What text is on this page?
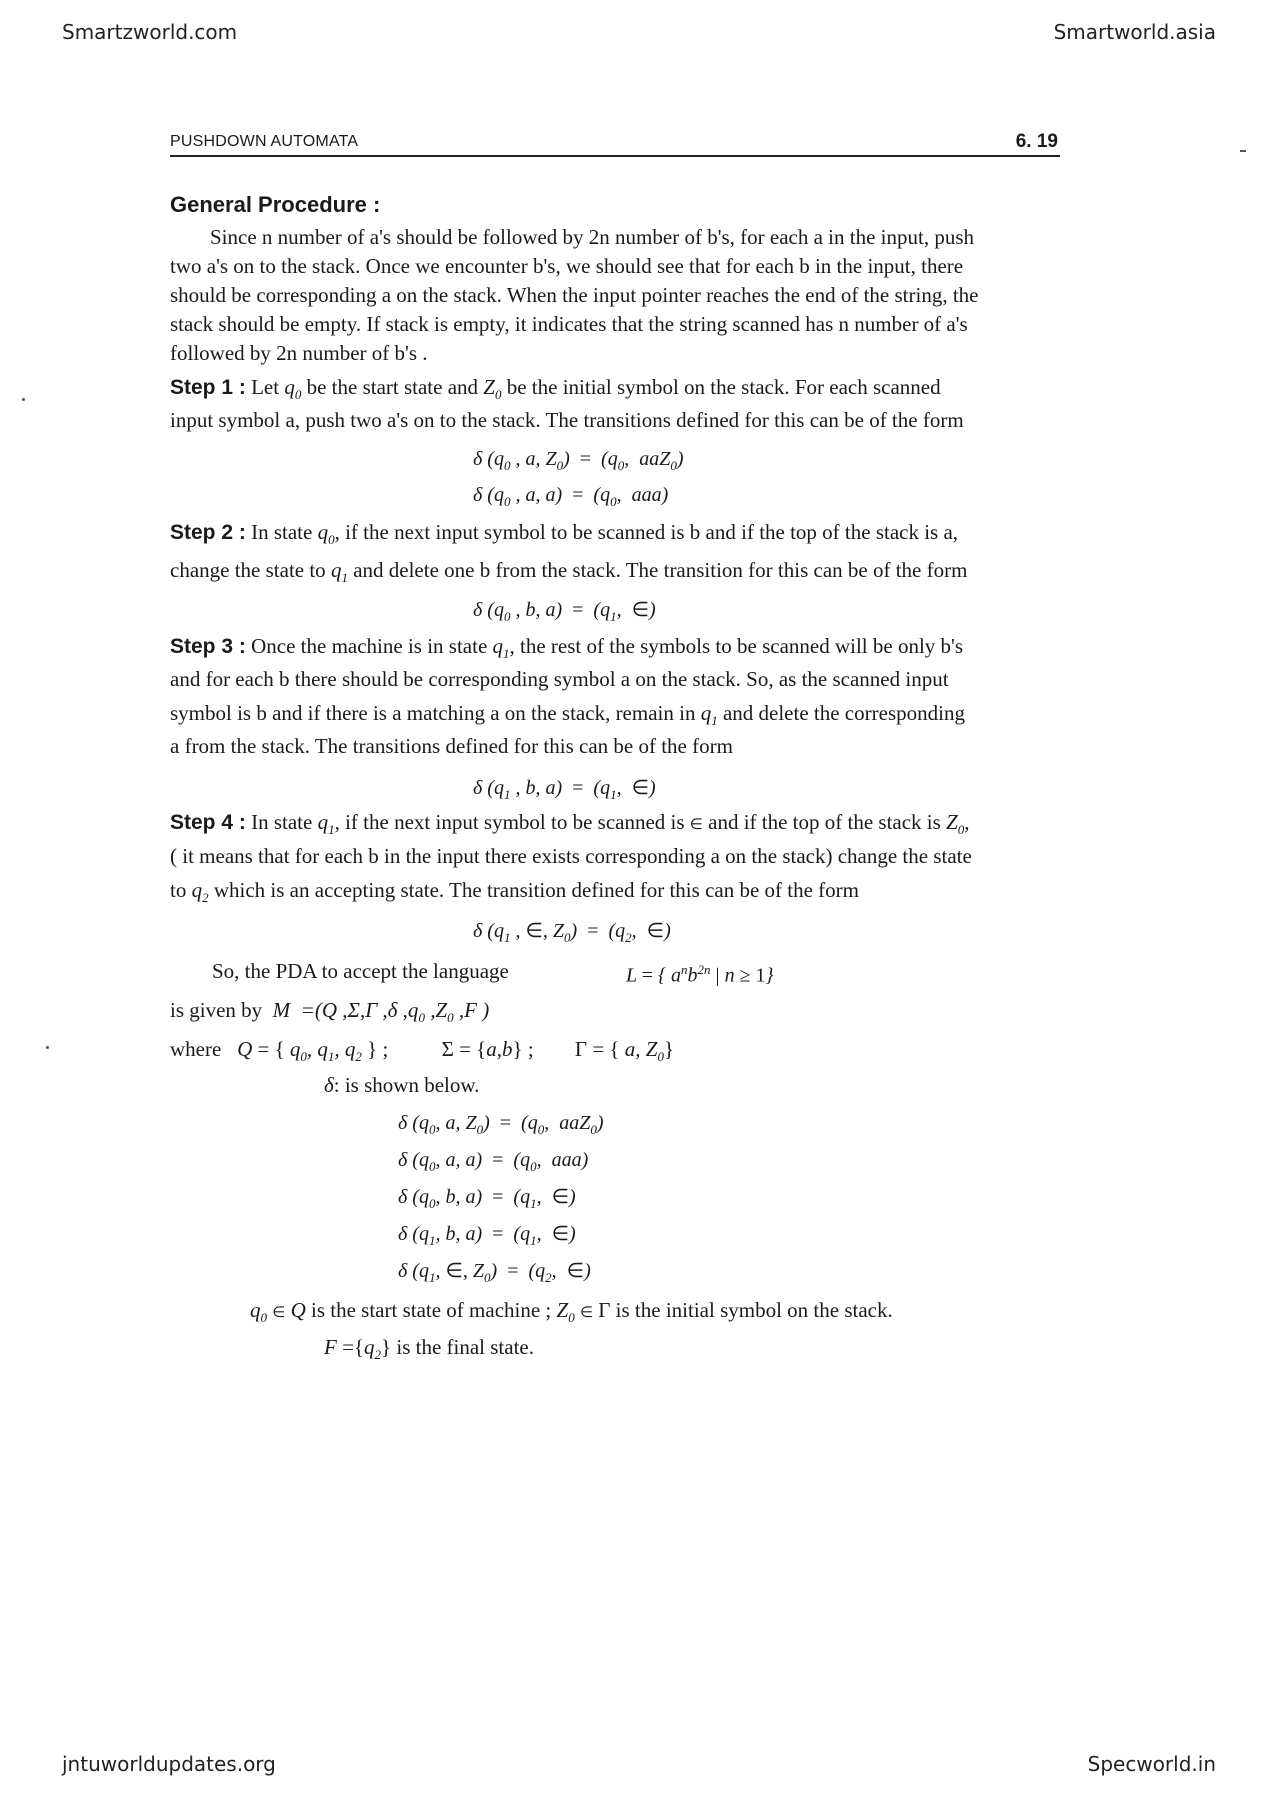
Smartzworld.com	Smartworld.asia
jntuworldupdates.org	Specworld.in
PUSHDOWN AUTOMATA	6. 19
General Procedure :
Since n number of a's should be followed by 2n number of b's, for each a in the input, push
two a's on to the stack. Once we encounter b's, we should see that for each b in the input, there
should be corresponding a on the stack. When the input pointer reaches the end of the string, the
stack should be empty. If stack is empty, it indicates that the string scanned has n number of a's
followed by 2n number of b's .
Step 1 : Let $q_0$ be the start state and $Z_0$ be the initial symbol on the stack. For each scanned
input symbol a, push two a's on to the stack. The transitions defined for this can be of the form
δ ($q_0$ , a, $Z_0) = (q_0$,  aaZ$_0$)
δ ($q_0$ , a, $a) = (q_0$,  aaa)
Step 2 : In state $q_0$, if the next input symbol to be scanned is b and if the top of the stack is a,
change the state to $q_1$ and delete one b from the stack. The transition for this can be of the form
δ ($q_0$ , b, $a) = (q_1$,  ∈)
Step 3 : Once the machine is in state $q_1$, the rest of the symbols to be scanned will be only b's
and for each b there should be corresponding symbol a on the stack. So, as the scanned input
symbol is b and if there is a matching a on the stack, remain in $q_1$ and delete the corresponding
a from the stack. The transitions defined for this can be of the form
δ ($q_1$ , b, $a) = (q_1$,  ∈)
Step 4 : In state $q_1$, if the next input symbol to be scanned is ∈ and if the top of the stack is $Z_0$,
( it means that for each b in the input there exists corresponding a on the stack) change the state
to $q_2$ which is an accepting state. The transition defined for this can be of the form
δ ($q_1$ , ∈, $Z_0) = (q_2$,  ∈)
So, the PDA to accept the language	L = { $a^nb^{2n}$ | n ≥ 1}
is given by  M  =(Q ,Σ,Γ ,δ $,q_0$ $,Z_0$ ,F )
where   Q = { $q_0$, $q_1$, $q_2$ } ; Σ = {a,b} ; Γ = { a, $Z_0$}
δ: is shown below.
δ ($q_0$, a, $Z_0) = (q_0$,  aaZ$_0$)
δ ($q_0$, a, $a) = (q_0$,  aaa)
δ ($q_0$, b, $a) = (q_1$,  ∈)
δ ($q_1$, b, $a) = (q_1$,  ∈)
δ ($q_1$, ∈, $Z_0) = (q_2$,  ∈)
$q_0$ ∈ Q is the start state of machine ; $Z_0$ ∈ Γ is the initial symbol on the stack.
$F =\{q_2\}$ is the final state.
